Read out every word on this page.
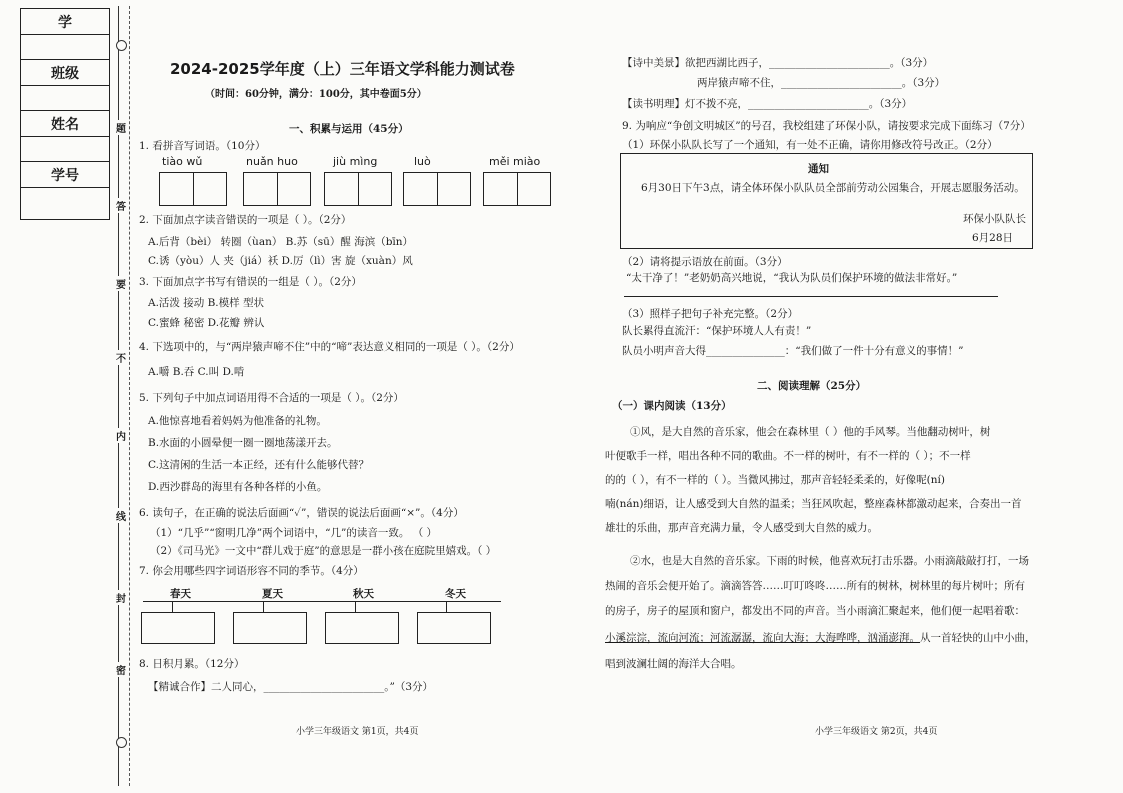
学
班级
姓名
学号
题
答
要
不
内
线
封
密
2024-2025学年度（上）三年语文学科能力测试卷
（时间：60分钟，满分：100分，其中卷面5分）
一、积累与运用（45分）
1. 看拼音写词语。（10分）
tiào wǔ	nuǎn huo	jiù mìng	luò	měi miào
2. 下面加点字读音错误的一项是（ ）。（2分）
A.后背（bèi） 转圈（ùan） B.苏（sū）醒 海滨（bīn）
C.诱（yòu）人 夹（jiá）袄 D.厉（lì）害 旋（xuàn）风
3. 下面加点字书写有错误的一组是（ ）。（2分）
A.活泼 接动 B.模样 型状
C.蜜蜂 秘密 D.花瓣 辨认
4. 下选项中的，与“两岸猿声啼不住”中的“啼”表达意义相同的一项是（ ）。（2分）
A.嚼 B.吞 C.叫 D.啃
5. 下列句子中加点词语用得不合适的一项是（ ）。（2分）
A.他惊喜地看着妈妈为他准备的礼物。
B.水面的小圆晕便一圈一圈地荡漾开去。
C.这清闲的生活一本正经，还有什么能够代替？
D.西沙群岛的海里有各种各样的小鱼。
6. 读句子，在正确的说法后面画“✓”，错误的说法后面画“×”。（4分）
（1）“几乎”“窗明几净”两个词语中，“几”的读音一致。 （ ）
（2）《司马光》一文中“群儿戏于庭”的意思是一群小孩在庭院里嬉戏。（ ）
7. 你会用哪些四字词语形容不同的季节。（4分）
春天	夏天	秋天	冬天
8. 日积月累。（12分）
【精诚合作】二人同心，_______________________。”（3分）
小学三年级语文 第1页，共4页
【诗中美景】欲把西湖比西子，_______________________。（3分）
两岸猿声啼不住，_______________________。（3分）
【读书明理】灯不拨不亮，_______________________。（3分）
9. 为响应“争创文明城区”的号召，我校组建了环保小队，请按要求完成下面练习（7分）
（1）环保小队队长写了一个通知，有一处不正确，请你用修改符号改正。（2分）
通知
6月30日下午3点，请全体环保小队队员全部前劳动公园集合，开展志愿服务活动。
环保小队队长
6月28日
（2）请将提示语放在前面。（3分）
“太干净了！”老奶奶高兴地说，“我认为队员们保护环境的做法非常好。”
（3）照样子把句子补充完整。（2分）
队长累得直流汗：“保护环境人人有责！”
队员小明声音大得_______________：“我们做了一件十分有意义的事情！”
二、阅读理解（25分）
（一）课内阅读（13分）
①风，是大自然的音乐家，他会在森林里（ ）他的手风琴。当他翻动树叶，树
叶便歌手一样，唱出各种不同的歌曲。不一样的树叶，有不一样的（ ）；不一样
的的（ ），有不一样的（ ）。当微风拂过，那声音轻轻柔柔的，好像呢(ní)
喃(nán)细语，让人感受到大自然的温柔；当狂风吹起，整座森林都激动起来，合奏出一首
雄壮的乐曲，那声音充满力量，令人感受到大自然的威力。
②水，也是大自然的音乐家。下雨的时候，他喜欢玩打击乐器。小雨滴敲敲打打，一场
热闹的音乐会便开始了。滴滴答答……叮叮咚咚……所有的树林，树林里的每片树叶；所有
的房子，房子的屋顶和窗户，都发出不同的声音。当小雨滴汇聚起来，他们便一起唱着歌：
小溪淙淙，流向河流；河流潺潺，流向大海；大海哗哗，汹涌澎湃。从一首轻快的山中小曲，
唱到波澜壮阔的海洋大合唱。
小学三年级语文 第2页，共4页
